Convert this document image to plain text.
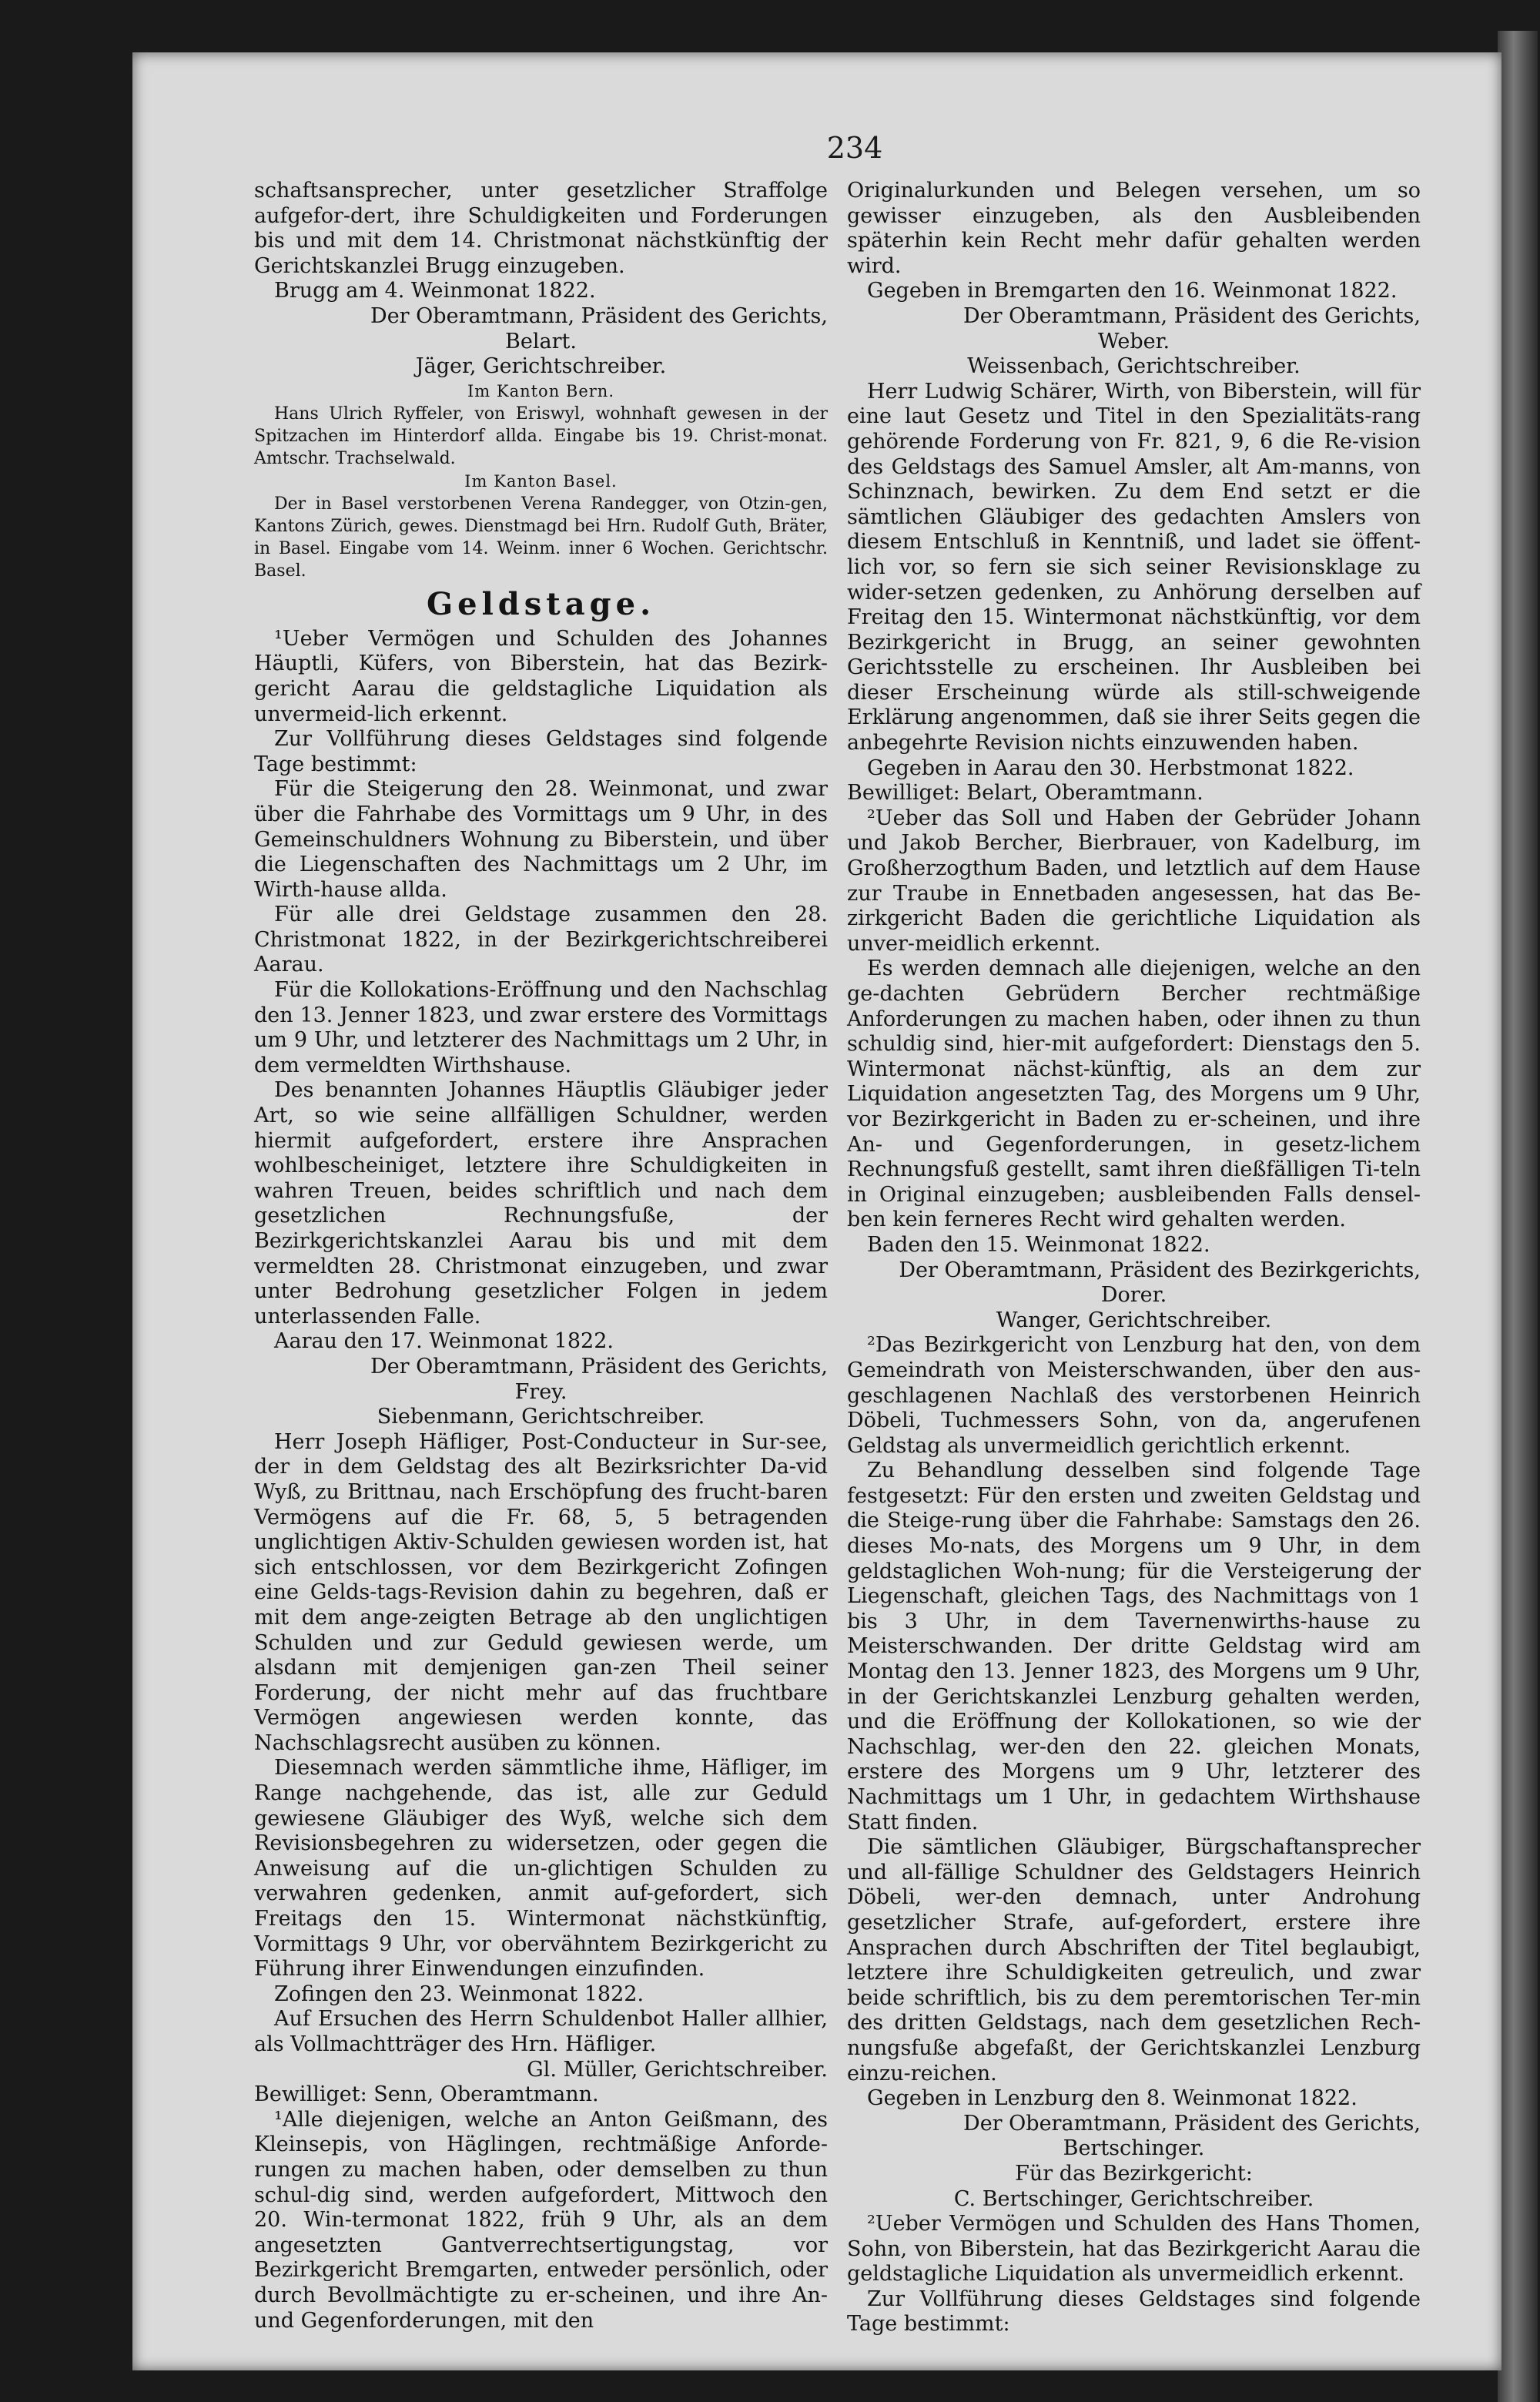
234

schaftsansprecher, unter gesetzlicher Straffolge aufgefor-dert, ihre Schuldigkeiten und Forderungen bis und mit dem 14. Christmonat nächstkünftig der Gerichtskanzlei Brugg einzugeben.

Brugg am 4. Weinmonat 1822.

Der Oberamtmann, Präsident des Gerichts,

Belart.

Jäger, Gerichtschreiber.

Im Kanton Bern.

Hans Ulrich Ryffeler, von Eriswyl, wohnhaft gewesen in der Spitzachen im Hinterdorf allda. Eingabe bis 19. Christ-monat. Amtschr. Trachselwald.

Im Kanton Basel.

Der in Basel verstorbenen Verena Randegger, von Otzin-gen, Kantons Zürich, gewes. Dienstmagd bei Hrn. Rudolf Guth, Bräter, in Basel. Eingabe vom 14. Weinm. inner 6 Wochen. Gerichtschr. Basel.

Geldstage.

¹Ueber Vermögen und Schulden des Johannes Häuptli, Küfers, von Biberstein, hat das Bezirk-gericht Aarau die geldstagliche Liquidation als unvermeid-lich erkennt.

Zur Vollführung dieses Geldstages sind folgende Tage bestimmt:

Für die Steigerung den 28. Weinmonat, und zwar über die Fahrhabe des Vormittags um 9 Uhr, in des Gemeinschuldners Wohnung zu Biberstein, und über die Liegenschaften des Nachmittags um 2 Uhr, im Wirth-hause allda.

Für alle drei Geldstage zusammen den 28. Christmonat 1822, in der Bezirkgerichtschreiberei Aarau.

Für die Kollokations-Eröffnung und den Nachschlag den 13. Jenner 1823, und zwar erstere des Vormittags um 9 Uhr, und letzterer des Nachmittags um 2 Uhr, in dem vermeldten Wirthshause.

Des benannten Johannes Häuptlis Gläubiger jeder Art, so wie seine allfälligen Schuldner, werden hiermit aufgefordert, erstere ihre Ansprachen wohlbescheiniget, letztere ihre Schuldigkeiten in wahren Treuen, beides schriftlich und nach dem gesetzlichen Rechnungsfuße, der Bezirkgerichtskanzlei Aarau bis und mit dem vermeldten 28. Christmonat einzugeben, und zwar unter Bedrohung gesetzlicher Folgen in jedem unterlassenden Falle.

Aarau den 17. Weinmonat 1822.

Der Oberamtmann, Präsident des Gerichts,

Frey.

Siebenmann, Gerichtschreiber.

Herr Joseph Häfliger, Post-Conducteur in Sur-see, der in dem Geldstag des alt Bezirksrichter Da-vid Wyß, zu Brittnau, nach Erschöpfung des frucht-baren Vermögens auf die Fr. 68, 5, 5 betragenden unglichtigen Aktiv-Schulden gewiesen worden ist, hat sich entschlossen, vor dem Bezirkgericht Zofingen eine Gelds-tags-Revision dahin zu begehren, daß er mit dem ange-zeigten Betrage ab den unglichtigen Schulden und zur Geduld gewiesen werde, um alsdann mit demjenigen gan-zen Theil seiner Forderung, der nicht mehr auf das fruchtbare Vermögen angewiesen werden konnte, das Nachschlagsrecht ausüben zu können.

Diesemnach werden sämmtliche ihme, Häfliger, im Range nachgehende, das ist, alle zur Geduld gewiesene Gläubiger des Wyß, welche sich dem Revisionsbegehren zu widersetzen, oder gegen die Anweisung auf die un-glichtigen Schulden zu verwahren gedenken, anmit auf-gefordert, sich Freitags den 15. Wintermonat nächstkünftig, Vormittags 9 Uhr, vor obervähntem Bezirkgericht zu Führung ihrer Einwendungen einzufinden.

Zofingen den 23. Weinmonat 1822.

Auf Ersuchen des Herrn Schuldenbot Haller allhier, als Vollmachtträger des Hrn. Häfliger.

Gl. Müller, Gerichtschreiber.

Bewilliget: Senn, Oberamtmann.

¹Alle diejenigen, welche an Anton Geißmann, des Kleinsepis, von Häglingen, rechtmäßige Anforde-rungen zu machen haben, oder demselben zu thun schul-dig sind, werden aufgefordert, Mittwoch den 20. Win-termonat 1822, früh 9 Uhr, als an dem angesetzten Gantverrechtsertigungstag, vor Bezirkgericht Bremgarten, entweder persönlich, oder durch Bevollmächtigte zu er-scheinen, und ihre An- und Gegenforderungen, mit den

Originalurkunden und Belegen versehen, um so gewisser einzugeben, als den Ausbleibenden späterhin kein Recht mehr dafür gehalten werden wird.

Gegeben in Bremgarten den 16. Weinmonat 1822.

Der Oberamtmann, Präsident des Gerichts,

Weber.

Weissenbach, Gerichtschreiber.

Herr Ludwig Schärer, Wirth, von Biberstein, will für eine laut Gesetz und Titel in den Spezialitäts-rang gehörende Forderung von Fr. 821, 9, 6 die Re-vision des Geldstags des Samuel Amsler, alt Am-manns, von Schinznach, bewirken. Zu dem End setzt er die sämtlichen Gläubiger des gedachten Amslers von diesem Entschluß in Kenntniß, und ladet sie öffent-lich vor, so fern sie sich seiner Revisionsklage zu wider-setzen gedenken, zu Anhörung derselben auf Freitag den 15. Wintermonat nächstkünftig, vor dem Bezirkgericht in Brugg, an seiner gewohnten Gerichtsstelle zu erscheinen. Ihr Ausbleiben bei dieser Erscheinung würde als still-schweigende Erklärung angenommen, daß sie ihrer Seits gegen die anbegehrte Revision nichts einzuwenden haben.

Gegeben in Aarau den 30. Herbstmonat 1822.

Bewilliget: Belart, Oberamtmann.

²Ueber das Soll und Haben der Gebrüder Johann und Jakob Bercher, Bierbrauer, von Kadelburg, im Großherzogthum Baden, und letztlich auf dem Hause zur Traube in Ennetbaden angesessen, hat das Be-zirkgericht Baden die gerichtliche Liquidation als unver-meidlich erkennt.

Es werden demnach alle diejenigen, welche an den ge-dachten Gebrüdern Bercher rechtmäßige Anforderungen zu machen haben, oder ihnen zu thun schuldig sind, hier-mit aufgefordert: Dienstags den 5. Wintermonat nächst-künftig, als an dem zur Liquidation angesetzten Tag, des Morgens um 9 Uhr, vor Bezirkgericht in Baden zu er-scheinen, und ihre An- und Gegenforderungen, in gesetz-lichem Rechnungsfuß gestellt, samt ihren dießfälligen Ti-teln in Original einzugeben; ausbleibenden Falls densel-ben kein ferneres Recht wird gehalten werden.

Baden den 15. Weinmonat 1822.

Der Oberamtmann, Präsident des Bezirkgerichts,

Dorer.

Wanger, Gerichtschreiber.

²Das Bezirkgericht von Lenzburg hat den, von dem Gemeindrath von Meisterschwanden, über den aus-geschlagenen Nachlaß des verstorbenen Heinrich Döbeli, Tuchmessers Sohn, von da, angerufenen Geldstag als unvermeidlich gerichtlich erkennt.

Zu Behandlung desselben sind folgende Tage festgesetzt: Für den ersten und zweiten Geldstag und die Steige-rung über die Fahrhabe: Samstags den 26. dieses Mo-nats, des Morgens um 9 Uhr, in dem geldstaglichen Woh-nung; für die Versteigerung der Liegenschaft, gleichen Tags, des Nachmittags von 1 bis 3 Uhr, in dem Tavernenwirths-hause zu Meisterschwanden. Der dritte Geldstag wird am Montag den 13. Jenner 1823, des Morgens um 9 Uhr, in der Gerichtskanzlei Lenzburg gehalten werden, und die Eröffnung der Kollokationen, so wie der Nachschlag, wer-den den 22. gleichen Monats, erstere des Morgens um 9 Uhr, letzterer des Nachmittags um 1 Uhr, in gedachtem Wirthshause Statt finden.

Die sämtlichen Gläubiger, Bürgschaftansprecher und all-fällige Schuldner des Geldstagers Heinrich Döbeli, wer-den demnach, unter Androhung gesetzlicher Strafe, auf-gefordert, erstere ihre Ansprachen durch Abschriften der Titel beglaubigt, letztere ihre Schuldigkeiten getreulich, und zwar beide schriftlich, bis zu dem peremtorischen Ter-min des dritten Geldstags, nach dem gesetzlichen Rech-nungsfuße abgefaßt, der Gerichtskanzlei Lenzburg einzu-reichen.

Gegeben in Lenzburg den 8. Weinmonat 1822.

Der Oberamtmann, Präsident des Gerichts,

Bertschinger.

Für das Bezirkgericht:

C. Bertschinger, Gerichtschreiber.

²Ueber Vermögen und Schulden des Hans Thomen, Sohn, von Biberstein, hat das Bezirkgericht Aarau die geldstagliche Liquidation als unvermeidlich erkennt.

Zur Vollführung dieses Geldstages sind folgende Tage bestimmt:
